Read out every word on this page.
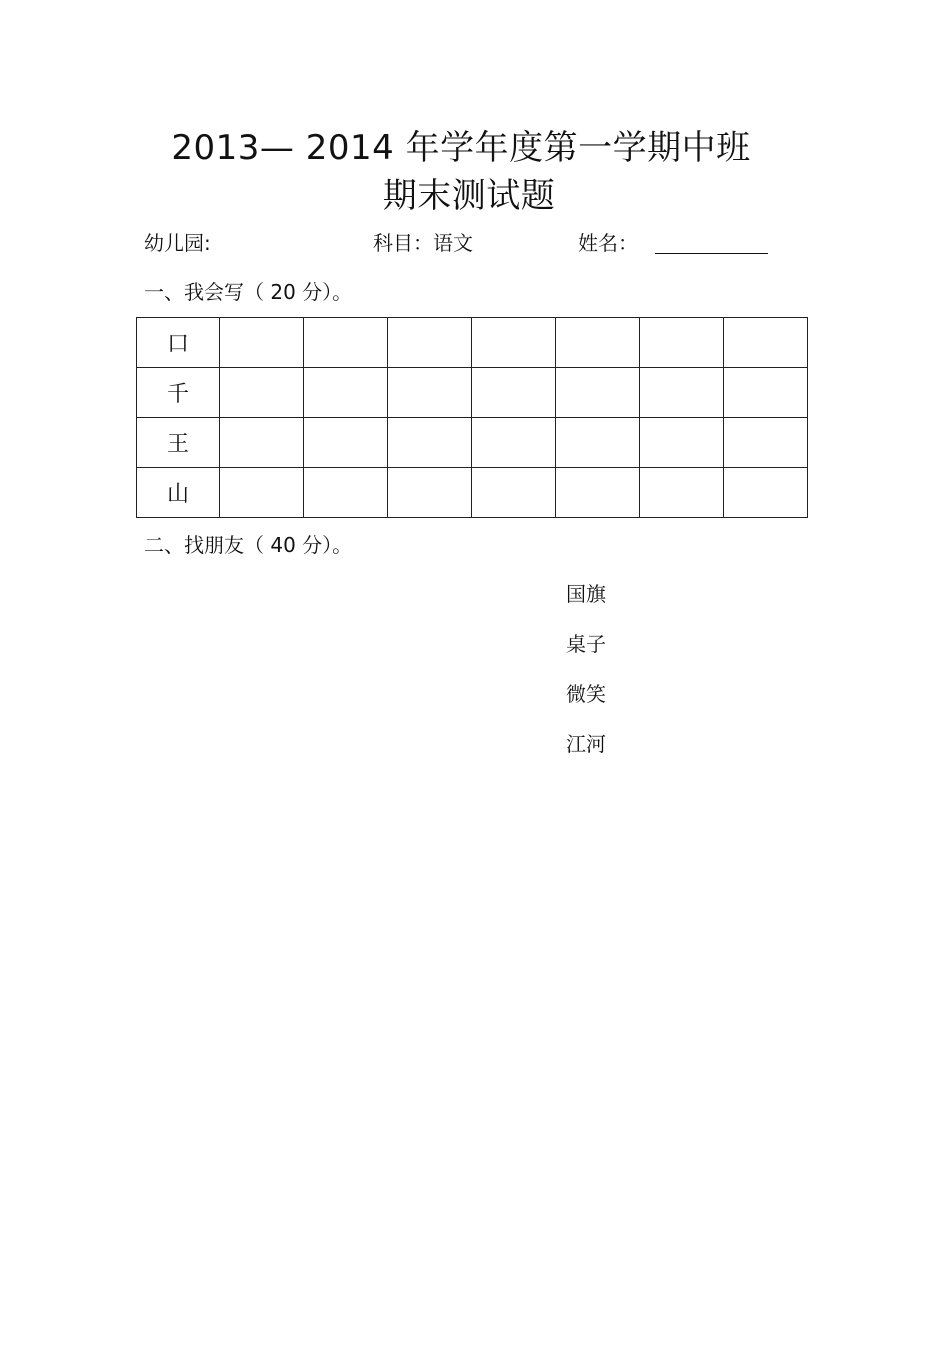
2013— 2014 年学年度第一学期中班
期末测试题
幼儿园:	科目：语文	姓名：
一、我会写（ 20 分）。
口							
千							
王							
山							
二、找朋友（ 40 分）。
国旗
桌子
微笑
江河
